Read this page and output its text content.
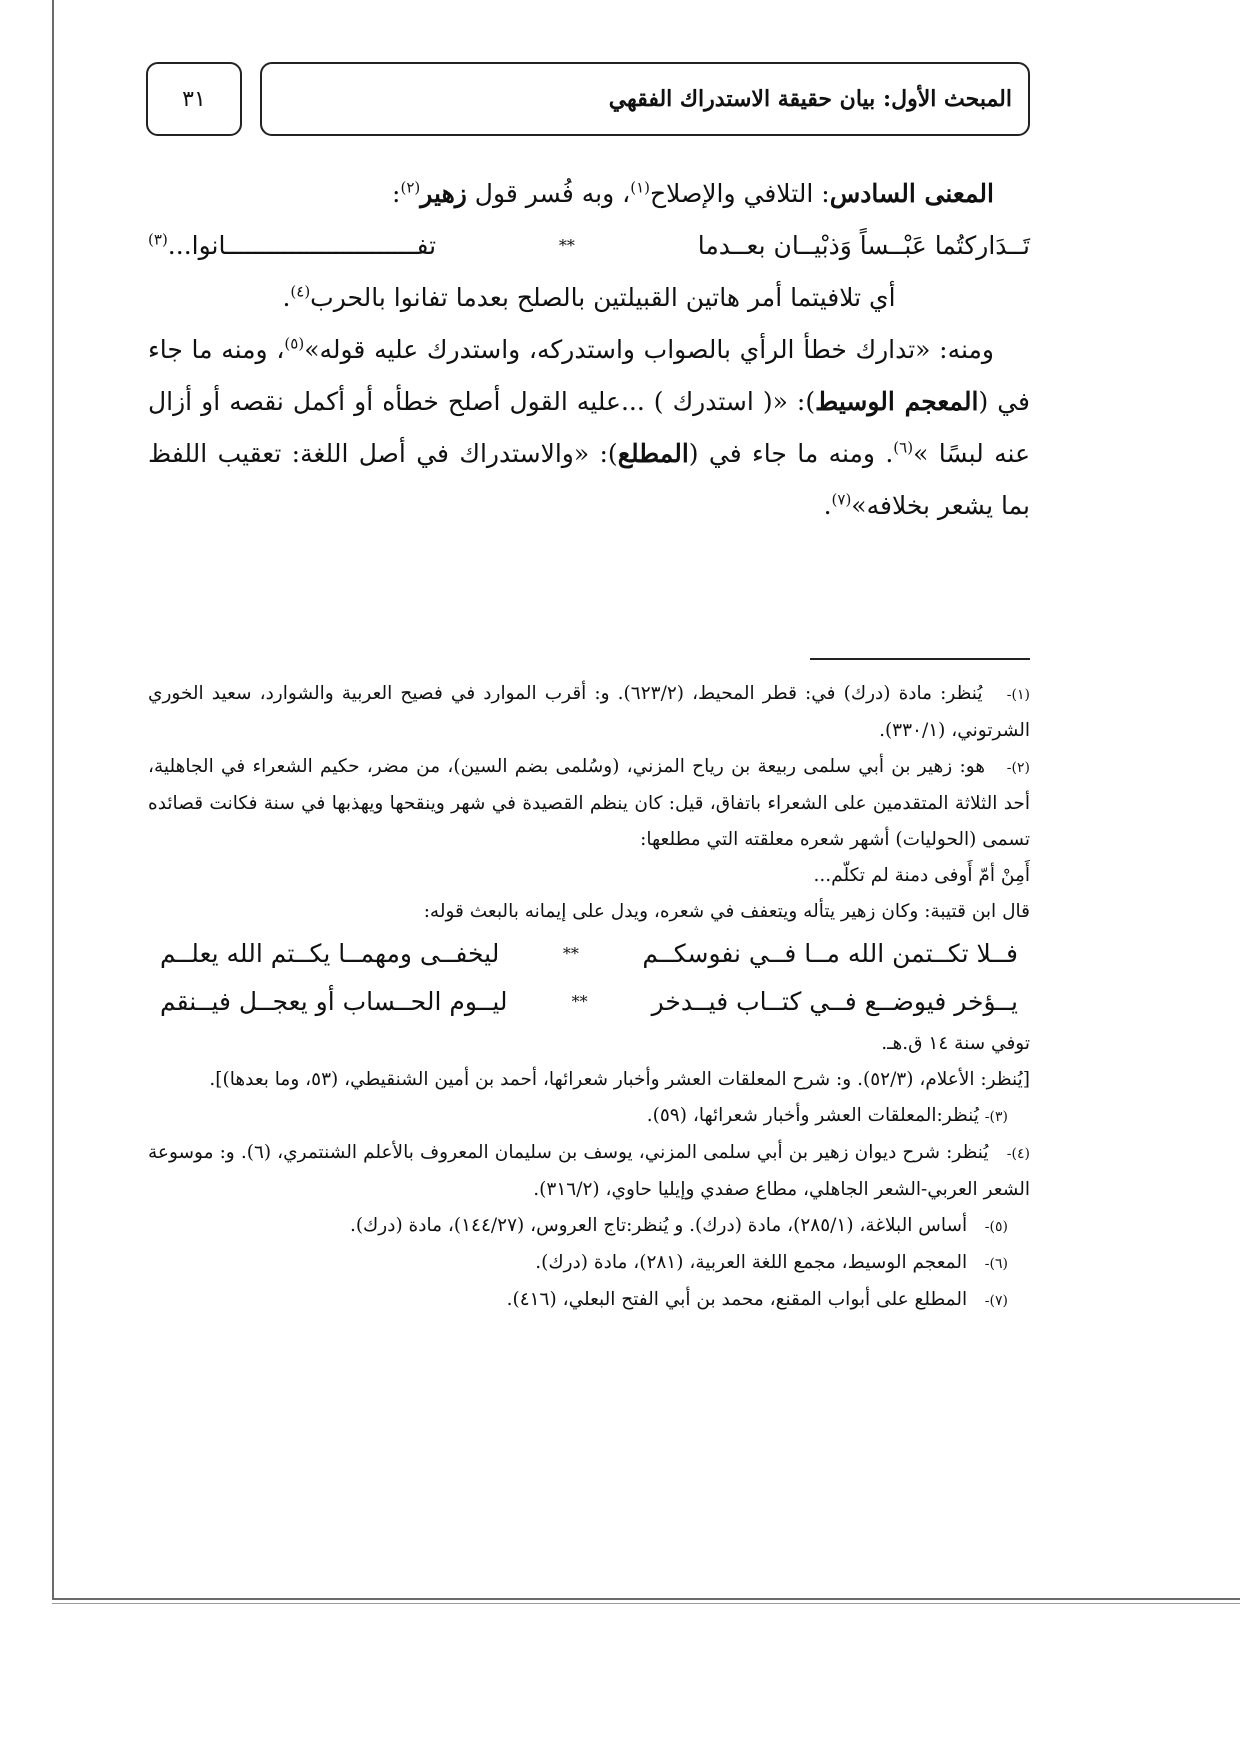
٣١	المبحث الأول: بيان حقيقة الاستدراك الفقهي

المعنى السادس: التلافي والإصلاح$^{(١)}$، وبه فُسر قول زهير$^{(٢)}$:

تَــدَاركتُما عَبْــساً وَذبْيــان بعــدما
**
تفــــــــــــــــــــــــــانوا...$^{(٣)}$

أي تلافيتما أمر هاتين القبيلتين بالصلح بعدما تفانوا بالحرب$^{(٤)}$.

ومنه: «تدارك خطأ الرأي بالصواب واستدركه، واستدرك عليه قوله»$^{(٥)}$، ومنه ما جاء في (المعجم الوسيط): «( استدرك ) ...عليه القول أصلح خطأه أو أكمل نقصه أو أزال عنه لبسًا »$^{(٦)}$. ومنه ما جاء في (المطلع): «والاستدراك في أصل اللغة: تعقيب اللفظ بما يشعر بخلافه»$^{(٧)}$.

(١)-   يُنظر: مادة (درك) في: قطر المحيط، (٦٢٣/٢). و: أقرب الموارد في فصيح العربية والشوارد، سعيد الخوري الشرتوني، (٣٣٠/١).

(٢)-   هو: زهير بن أبي سلمى ربيعة بن رياح المزني، (وسُلمى بضم السين)، من مضر، حكيم الشعراء في الجاهلية، أحد الثلاثة المتقدمين على الشعراء باتفاق، قيل: كان ينظم القصيدة في شهر وينقحها ويهذبها في سنة فكانت قصائده تسمى (الحوليات) أشهر شعره معلقته التي مطلعها:

أَمِنْ أمّ أَوفى دمنة لم تكلّم...

قال ابن قتيبة: وكان زهير يتأله ويتعفف في شعره، ويدل على إيمانه بالبعث قوله:

فــلا تكــتمن الله مــا فــي نفوسكــم
**
ليخفــى ومهمــا يكــتم الله يعلــم
يــؤخر فيوضــع فــي كتــاب فيــدخر
**
ليــوم الحــساب أو يعجــل فيــنقم

توفي سنة ١٤ ق.هـ.

[يُنظر: الأعلام، (٥٢/٣). و: شرح المعلقات العشر وأخبار شعرائها، أحمد بن أمين الشنقيطي، (٥٣، وما بعدها)].

(٣)- يُنظر:المعلقات العشر وأخبار شعرائها، (٥٩).

(٤)-   يُنظر: شرح ديوان زهير بن أبي سلمى المزني، يوسف بن سليمان المعروف بالأعلم الشنتمري، (٦). و: موسوعة الشعر العربي-الشعر الجاهلي، مطاع صفدي وإيليا حاوي، (٣١٦/٢).

(٥)-   أساس البلاغة، (٢٨٥/١)، مادة (درك). و يُنظر:تاج العروس، (١٤٤/٢٧)، مادة (درك).

(٦)-   المعجم الوسيط، مجمع اللغة العربية، (٢٨١)، مادة (درك).

(٧)-   المطلع على أبواب المقنع، محمد بن أبي الفتح البعلي، (٤١٦).
